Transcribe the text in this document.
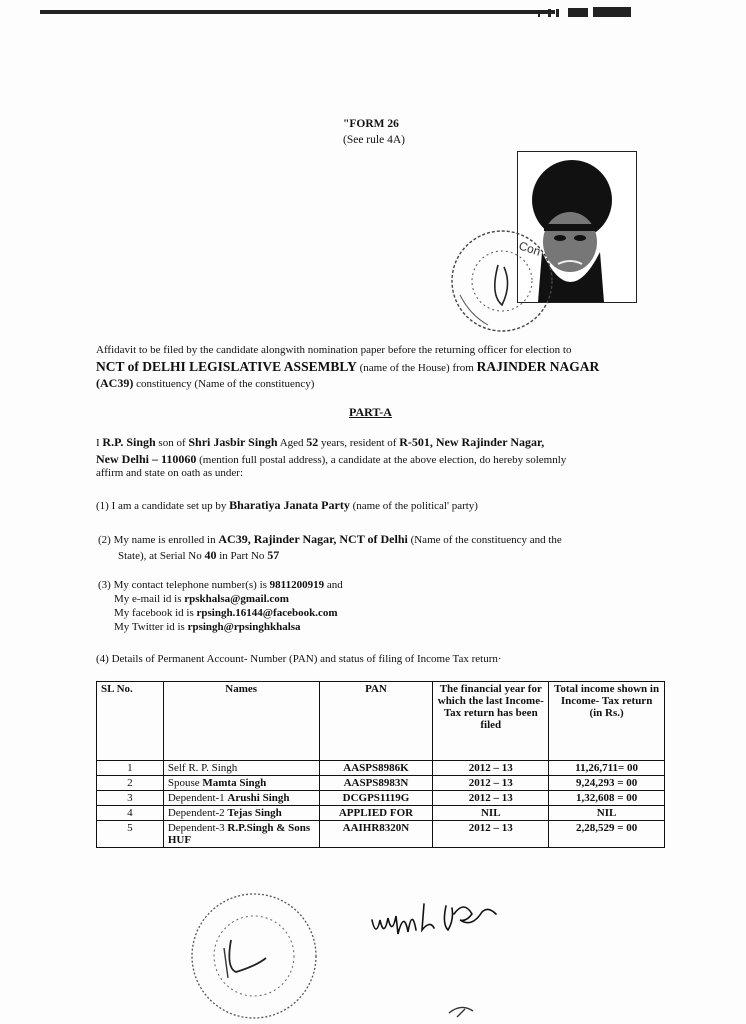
"FORM 26
(See rule 4A)
Con
Affidavit to be filed by the candidate alongwith nomination paper before the returning officer for election to
NCT of DELHI LEGISLATIVE ASSEMBLY (name of the House) from RAJINDER NAGAR
(AC39) constituency (Name of the constituency)
PART-A
I R.P. Singh son of Shri Jasbir Singh Aged 52 years, resident of R-501, New Rajinder Nagar,
New Delhi – 110060 (mention full postal address), a candidate at the above election, do hereby solemnly
affirm and state on oath as under:
(1) I am a candidate set up by Bharatiya Janata Party (name of the political' party)
(2) My name is enrolled in AC39, Rajinder Nagar, NCT of Delhi (Name of the constituency and the
State), at Serial No 40 in Part No 57
(3) My contact telephone number(s) is 9811200919 and
My e-mail id is rpskhalsa@gmail.com
My facebook id is rpsingh.16144@facebook.com
My Twitter id is rpsingh@rpsinghkhalsa
(4) Details of Permanent Account- Number (PAN) and status of filing of Income Tax return·
SL No.	Names	PAN	The financial year for which the last Income- Tax return has been filed	Total income shown in Income- Tax return (in Rs.)
1	Self R. P. Singh	AASPS8986K	2012 – 13	11,26,711= 00
2	Spouse Mamta Singh	AASPS8983N	2012 – 13	9,24,293 = 00
3	Dependent-1 Arushi Singh	DCGPS1119G	2012 – 13	1,32,608 = 00
4	Dependent-2 Tejas Singh	APPLIED FOR	NIL	NIL
5	Dependent-3 R.P.Singh & Sons HUF	AAIHR8320N	2012 – 13	2,28,529 = 00
